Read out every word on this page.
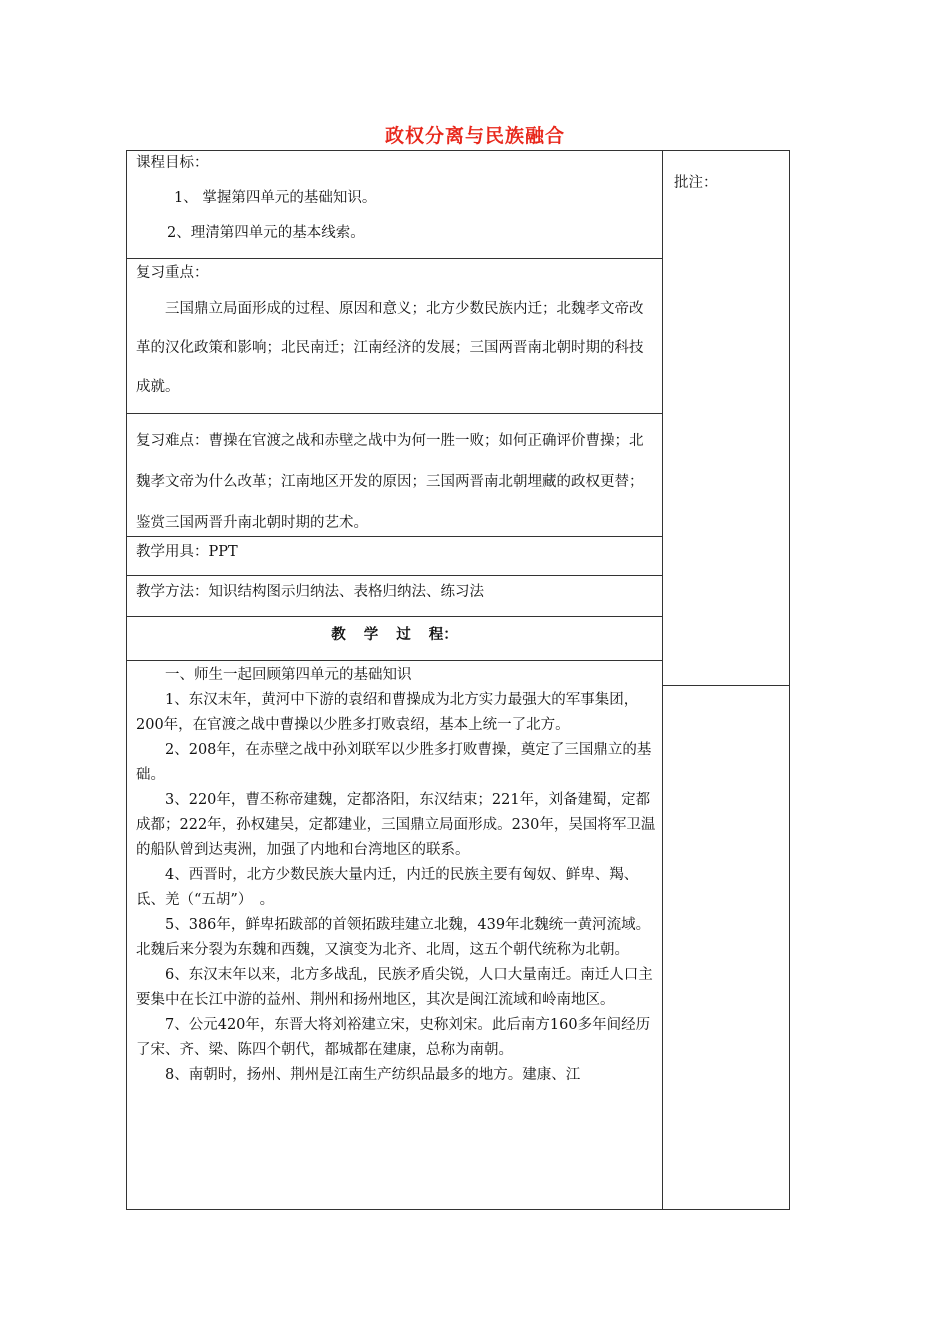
政权分离与民族融合
批注：

课程目标：

1、 掌握第四单元的基础知识。

2、理清第四单元的基本线索。

复习重点：

三国鼎立局面形成的过程、原因和意义；北方少数民族内迁；北魏孝文帝改革的汉化政策和影响；北民南迁；江南经济的发展；三国两晋南北朝时期的科技成就。

复习难点：曹操在官渡之战和赤壁之战中为何一胜一败；如何正确评价曹操；北魏孝文帝为什么改革；江南地区开发的原因；三国两晋南北朝埋藏的政权更替；鉴赏三国两晋升南北朝时期的艺术。

教学用具：PPT
教学方法：知识结构图示归纳法、表格归纳法、练习法
教 学 过 程：

一、师生一起回顾第四单元的基础知识

1、东汉末年，黄河中下游的袁绍和曹操成为北方实力最强大的军事集团，200年，在官渡之战中曹操以少胜多打败袁绍，基本上统一了北方。

2、208年，在赤壁之战中孙刘联军以少胜多打败曹操，奠定了三国鼎立的基础。

3、220年，曹丕称帝建魏，定都洛阳，东汉结束；221年，刘备建蜀，定都成都；222年，孙权建吴，定都建业，三国鼎立局面形成。230年，吴国将军卫温的船队曾到达夷洲，加强了内地和台湾地区的联系。

4、西晋时，北方少数民族大量内迁，内迁的民族主要有匈奴、鲜卑、羯、氐、羌（“五胡”）　。

5、386年，鲜卑拓跋部的首领拓跋珪建立北魏，439年北魏统一黄河流域。北魏后来分裂为东魏和西魏，又演变为北齐、北周，这五个朝代统称为北朝。

6、东汉末年以来，北方多战乱，民族矛盾尖锐，人口大量南迁。南迁人口主要集中在长江中游的益州、荆州和扬州地区，其次是闽江流域和岭南地区。

7、公元420年，东晋大将刘裕建立宋，史称刘宋。此后南方160多年间经历了宋、齐、梁、陈四个朝代，都城都在建康，总称为南朝。

8、南朝时，扬州、荆州是江南生产纺织品最多的地方。建康、江
